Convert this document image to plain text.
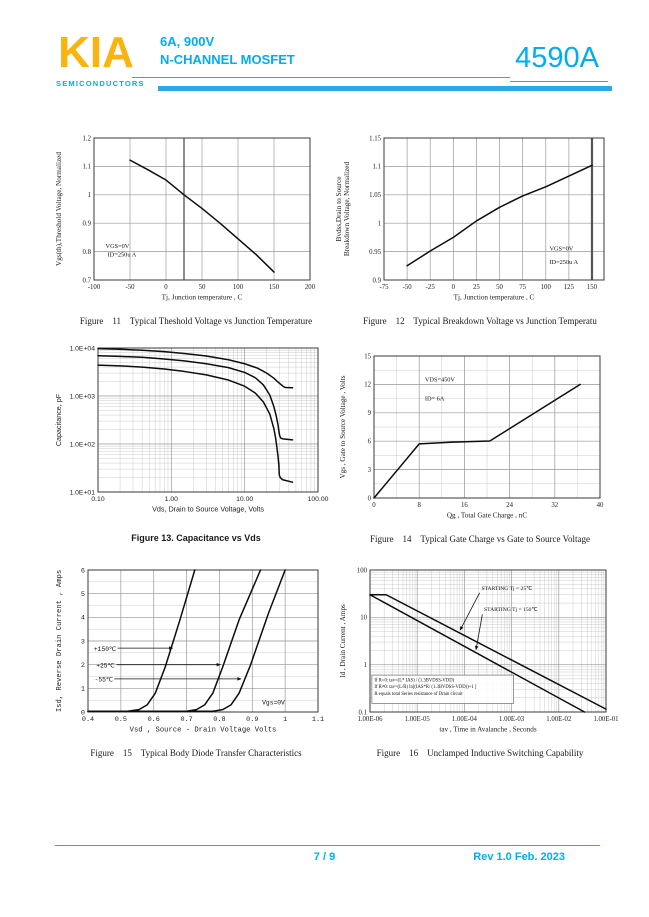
KIA
SEMICONDUCTORS
6A, 900V
N-CHANNEL MOSFET	4590A
-100	-50	0	50	100	150	200
0.7
0.8
0.9
1
1.1
1.2
Tj, Junction temperature , C
Vgs(th),Threshold Voltage, Normalized	VGS=0V
ID=250u A
Figure    11    Typical Theshold Voltage vs Junction Temperature
-75 -50 -25 0	25 50 75 100 125 150
0.9
0.95
1
1.05
1.1
1.15
Tj, Junction temperature , C
Bvdss,Drain to Source Breakdown Voltage, Normalized	VGS=0V
ID=250u A
Figure    12    Typical Breakdown Voltage vs Junction Temperatu
0.10	1.00	10.00	100.00
1.0E+01
1.0E+02
1.0E+03
1.0E+04
Vds, Drain to Source Voltage, Volts
Capacitance, pF
Figure 13. Capacitance vs Vds
0	8	16	24	32	40
0
3
6
9
12
15
Qg , Total Gate Charge , nC
Vgs , Gate to Source Voltage , Volts	VDS=450V
ID= 6A
Figure    14    Typical Gate Charge vs Gate to Source Voltage
0.4	0.5	0.6	0.7	0.8	0.9	1	1.1
0
1
2
3
4
5
6
Vsd , Source - Drain Voltage Volts
Isd, Reverse Drain Current , Amps	+150℃
+25℃
-55℃
Vgs=0V
Figure    15    Typical Body Diode Transfer Characteristics
If R=0: tav=(L* IAS) / (1.3BVDSS-VDD)
If R≠0: tav=(L/R) ln[(IAS*R/ (1.3BVDSS-VDD))+1 ]
R equals total Series resistance of Drain circuit
1.00E-06	1.00E-05	1.00E-04	1.00E-03	1.00E-02	1.00E-01
0.1
1
10
100
tav , Time in Avalanche , Seconds
Id , Drain Current , Amps
STARTING Tj = 25℃
STARTING Tj = 150℃
Figure    16    Unclamped Inductive Switching Capability
7 / 9	Rev 1.0 Feb. 2023
